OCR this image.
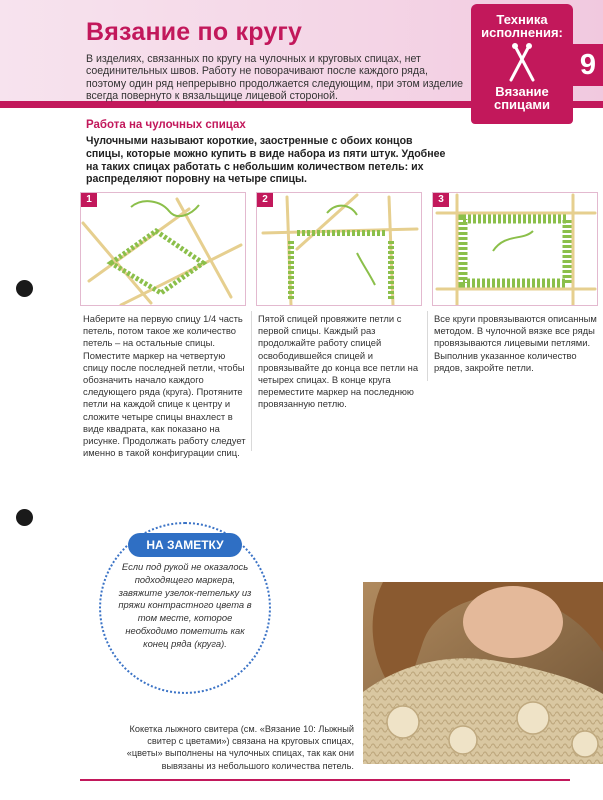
Вязание по кругу
В изделиях, связанных по кругу на чулочных и круговых спицах, нет соединительных швов. Работу не поворачивают после каждого ряда, поэтому один ряд непрерывно продолжается следующим, при этом изделие всегда повернуто к вязальщице лицевой стороной.
Техника исполнения:
Вязание спицами
9
Работа на чулочных спицах
Чулочными называют короткие, заостренные с обоих концов спицы, которые можно купить в виде набора из пяти штук. Удобнее на таких спицах работать с небольшим количеством петель: их распределяют поровну на четыре спицы.
1	2	3
Наберите на первую спицу 1/4 часть петель, потом такое же количество петель – на остальные спицы. Поместите маркер на четвертую спицу после последней петли, чтобы обозначить начало каждого следующего ряда (круга). Протяните петли на каждой спице к центру и сложите четыре спицы внахлест в виде квадрата, как показано на рисунке. Продолжать работу следует именно в такой конфигурации спиц.
Пятой спицей провяжите петли с первой спицы. Каждый раз продолжайте работу спицей освободившейся спицей и провязывайте до конца все петли на четырех спицах. В конце круга переместите маркер на последнюю провязанную петлю.
Все круги провязываются описанным методом. В чулочной вязке все ряды провязываются лицевыми петлями. Выполнив указанное количество рядов, закройте петли.
НА ЗАМЕТКУ
Если под рукой не оказалось подходящего маркера, завяжите узелок-петельку из пряжи контрастного цвета в том месте, которое необходимо пометить как конец ряда (круга).
Кокетка лыжного свитера (см. «Вязание 10: Лыжный свитер с цветами») связана на круговых спицах, «цветы» выполнены на чулочных спицах, так как они вывязаны из небольшого количества петель.
